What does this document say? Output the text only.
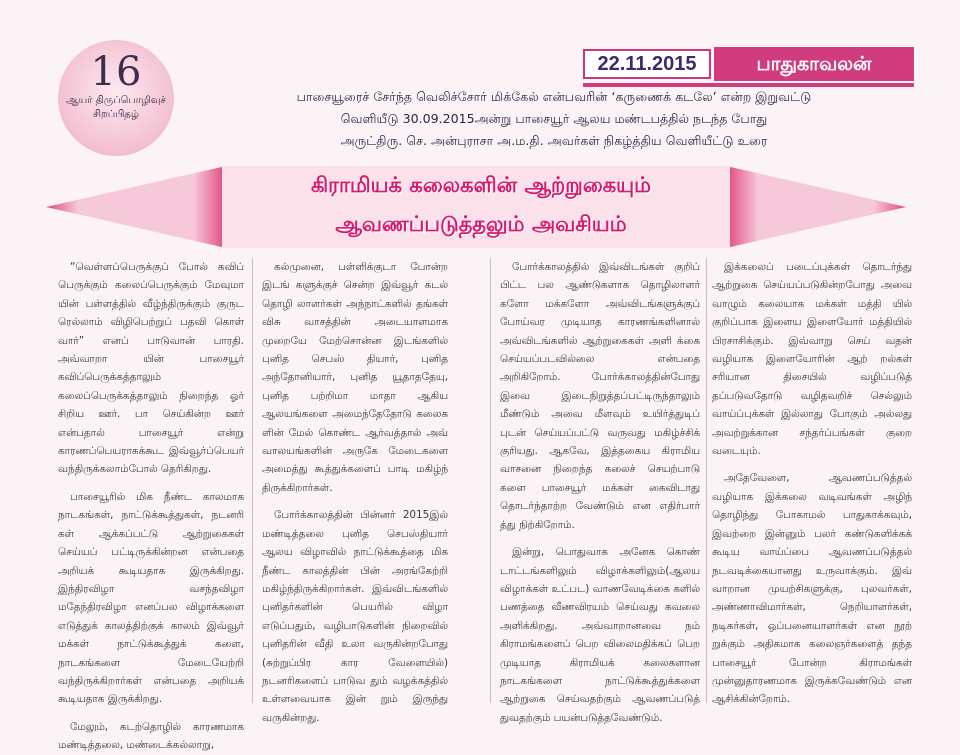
16
ஆயர் திருப்பொழிவுச்
சிறப்பிதழ்
22.11.2015	பாதுகாவலன்
பாசையூரைச் சேர்ந்த வெலிச்சோர் மிக்கேல் என்பவரின் ‘கருணைக் கடலே’ என்ற இறுவட்டு
வெளியீடு 30.09.2015அன்று பாசையூர் ஆலய மண்டபத்தில் நடந்த போது
அருட்திரு. செ. அன்புராசா அ.ம.தி. அவர்கள் நிகழ்த்திய வெளியீட்டு உரை
கிராமியக் கலைகளின் ஆற்றுகையும்
ஆவணப்படுத்தலும் அவசியம்

“வெள்ளப்பெருக்குப் போல் கவிப் பெருக்கும் கலைப்பெருக்கும் மேவுமா யின் பள்ளத்தில் வீழ்ந்திருக்கும் குருட ரெல்லாம் விழிபெற்றுப் பதவி கொள் வார்” எனப் பாடுவான் பாரதி. அவ்வாறா யின் பாசையூர் கவிப்பெருக்கத்தாலும் கலைப்பெருக்கத்தாலும் நிறைந்த ஓர் சிறிய ஊர். பா செய்கின்ற ஊர் என்பதால் பாசையூர் என்று காரணப்பெயராகக்கூட இவ்வூர்ப்பெயர் வந்திருக்கலாம்போல் தெரிகிறது.

பாசையூரில் மிக நீண்ட காலமாக நாடகங்கள், நாட்டுக்கூத்துகள், நடனரி கள் ஆக்கப்பட்டு ஆற்றுகைகள் செய்யப் பட்டிருக்கின்றன என்பதை அறியக் கூடியதாக இருக்கிறது. இந்திரவிழா வசந்தவிழா மதேந்திரவிழா எனப்பல விழாக்களை எடுத்துக் காலத்திற்குக் காலம் இவ்வூர் மக்கள் நாட்டுக்கூத்துக் களை, நாடகங்களை மேடையேற்றி வந்திருக்கிறார்கள் என்பதை அறியக் கூடியதாக இருக்கிறது.

மேலும், கடற்தொழில் காரணமாக மண்டித்தலை, மண்டைக்கல்லாறு,

கல்முனை, பள்ளிக்குடா போன்ற இடங் களுக்குச் சென்ற இவ்வூர் கடல் தொழி லாளர்கள் அந்நாட்களில் தங்கள் விசு வாசத்தின் அடையாளமாக முறையே மேற்சொன்ன இடங்களில் புனித செபஸ் தியார், புனித அந்தோனியார், புனித யூதாததேயு, புனித பற்றிமா மாதா ஆகிய ஆலயங்களை அமைந்தேதோடு கலைக ளின் மேல் கொண்ட ஆர்வத்தால் அவ் வாலயங்களின் அருகே மேடைகளை அமைத்து கூத்துக்களைப் பாடி மகிழ்ந் திருக்கிறார்கள்.

போர்க்காலத்தின் பின்னர் 2015இல் மண்டித்தலை புனித செபஸ்தியார் ஆலய விழாவில் நாட்டுக்கூத்தை மிக நீண்ட காலத்தின் பின் அரங்கேற்றி மகிழ்ந்திருக்கிறார்கள். இவ்விடங்களில் புனிதர்களின் பெயரில் விழா எடுப்பதும், வழிபாடுகளின் நிறைவில் புனிதரின் வீதி உலா வருகின்றபோது (சுற்றுப்பிர கார வேளையில்) நடனரிகளைப் பாடுவ தும் வழக்கத்தில் உள்ளவையாக இன் றும் இருந்து வருகின்றது.

போர்க்காலத்தில் இவ்விடங்கள் குறிப் பிட்ட பல ஆண்டுகளாக தொழிலாளர் களோ மக்களோ அவ்விடங்களுக்குப் போய்வர முடியாத காரணங்களினால் அவ்விடங்களில் ஆற்றுகைகள் அளி க்கை செய்யப்படவில்லை என்பதை அறிகிறோம். போர்க்காலத்தின்போது இவை இடைநிறுத்தப்பட்டிருந்தாலும் மீண்டும் அவை மீளவும் உயிர்த்துடிப் புடன் செய்யப்பட்டு வருவது மகிழ்ச்சிக் குரியது. ஆகவே, இத்தகைய கிராமிய வாசனை நிறைந்த கலைச் செயற்பாடு களை பாசையூர் மக்கள் கைவிடாது தொடர்ந்தாற்ற வேண்டும் என எதிர்பார் த்து நிற்கிறோம்.

இன்று, பொதுவாக அனேக கொண் டாட்டங்களிலும் விழாக்களிலும்(ஆலய விழாக்கள் உட்பட) வாணவேடிக்கை களில் பணத்தை வீணவிரயம் செய்வது கவலை அளிக்கிறது. அவ்வாறானவை நம் கிராமங்களைப் பெற விலைமதிக்கப் பெற முடியாத கிராமியக் கலைகளான நாடகங்களை நாட்டுக்கூத்துக்களை ஆற்றுகை செய்வதற்கும் ஆவணப்படுத் துவதற்கும் பயன்படுத்தவேண்டும்.

இக்கலைப் படைப்புக்கள் தொடர்ந்து ஆற்றுகை செய்யப்படுகின்றபோது அவை வாழும் கலையாக மக்கள் மத்தி யில் குறிப்பாக இளைய இளையோர் மத்தியில் பிரசாசிக்கும். இவ்வாறு செய் வதன் வழியாக இளையோரின் ஆற் றல்கள் சரியான திசையில் வழிப்படுத் தப்படுவதோடு வழிதவறிச் செல்லும் வாய்ப்புக்கள் இல்லாது போகும் அல்லது அவற்றுக்கான சந்தர்ப்பங்கள் குறை வடையும்.

அதேவேளை, ஆவணப்படுத்தல் வழியாக இக்கலை வடிவங்கள் அழிந் தொழிந்து போகாமல் பாதுகாக்கவும், இவற்றை இன்னும் பலர் கண்டுகளிக்கக் கூடிய வாய்ப்பை ஆவணப்படுத்தல் நடவடிக்கையானது உருவாக்கும். இவ் வாறான முயற்சிகளுக்கு, புலவர்கள், அண்ணாவிமார்கள், நெறியாளர்கள், நடிகர்கள், ஒப்பனையாளர்கள் என நூற் றுக்கும் அதிகமாக கலைஞர்களைத் தந்த பாசையூர் போன்ற கிராமங்கள் முன்னுதாரணமாக இருக்கவேண்டும் என ஆசிக்கின்றோம்.
